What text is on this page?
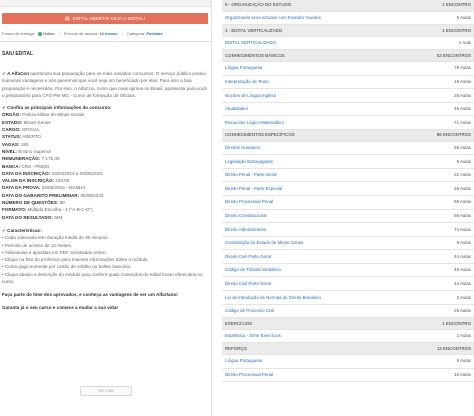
▤ EDITAL ABERTO! VEJA O EDITAL!
Forma de entrega: Online | Período de acesso: 12 meses | Categoria: Policiais
SAIU EDITAL

✔ A AlfaCon oportuniza sua preparação para os mais variados concursos. O serviço público possui inúmeras vantagens e nós queremos que você seja um beneficiado por elas. Para isso a boa preparação é necessária. Por isso, o AlfaCon, curso que mais aprova no Brasil, apresenta para você o preparatório para CFO PM MG - Curso de formação de Oficiais.

✔ Confira as principais informações do concurso:
ÓRGÃO: Polícia Militar de Minas Gerais
ESTADO: Minas Gerais
CARGO: OFICIAL
STATUS: ABERTO
VAGAS: 180
NÍVEL: Ensino Superior
REMUNERAÇÃO: 7.175,30
BANCA: CRS - PMMG
DATA DA INSCRIÇÃO: 03/04/2023 a 03/05/2023
VALOR DA INSCRIÇÃO: 220,00
DATA DA PROVA: 04/06/2023 - MANHÃ
DATA DO GABARITO PRELIMINAR: 05/06/2023
NÚMERO DE QUESTÕES: 50
FORMATO: Múltipla Escolha - 4 ("A-B-C-D")
DATA DO RESULTADO: SIM
✔ Características:
• Cada videoaula tem duração média de 30 minutos.
• Período de acesso de 12 meses.
• Videoaulas e apostilas em PDF acessadas online.
• Clique na foto do professor para maiores informações sobre o módulo
• Curso pago somente por cartão de crédito ou boleto bancário.
• Clique abaixo a descrição do módulo para conferir quais conteúdos do edital foram oferecidos no curso.

Faça parte do time dos aprovados, e conheça as vantagens de ser um Alfartano!

Garanta já o seu curso e comece a mudar a sua vida!

Ver mais
0 - ORGANIZAÇÃO DO ESTUDO	1 ENCONTRO
Organizando seus estudos com Evandro Guedes	5 Aulas
1 - EDITAL VERTICALIZADO	1 ENCONTRO
EDITAL VERTICALIZADO	1 Aula
CONHECIMENTOS BÁSICOS	53 ENCONTROS
Língua Portuguesa	78 Aulas
Interpretação de Texto	18 Aulas
Noções de Língua Inglesa	25 Aulas
Atualidades	45 Aulas
Raciocínio Lógico-Matemático	71 Aulas
CONHECIMENTOS ESPECÍFICOS	86 ENCONTROS
Direitos Humanos	55 Aulas
Legislação Extravagante	9 Aulas
Direito Penal - Parte Geral	32 Aulas
Direito Penal - Parte Especial	28 Aulas
Direito Processual Penal	60 Aulas
Direito Constitucional	56 Aulas
Direito Administrativo	74 Aulas
Constituição do Estado de Minas Gerais	9 Aulas
Direito Civil Parte Geral	44 Aulas
Código de Trânsito Brasileiro	45 Aulas
Direito Civil Parte Geral	44 Aulas
Lei de Introdução às Normas do Direito Brasileiro	2 Aulas
Código de Processo Civil	25 Aulas
EXERCÍCIOS	1 ENCONTRO
Estatística - Série Exercícios	2 Aulas
REFORÇO	13 ENCONTROS
Língua Portuguesa	8 Aulas
Direito Processual Penal	10 Aulas
